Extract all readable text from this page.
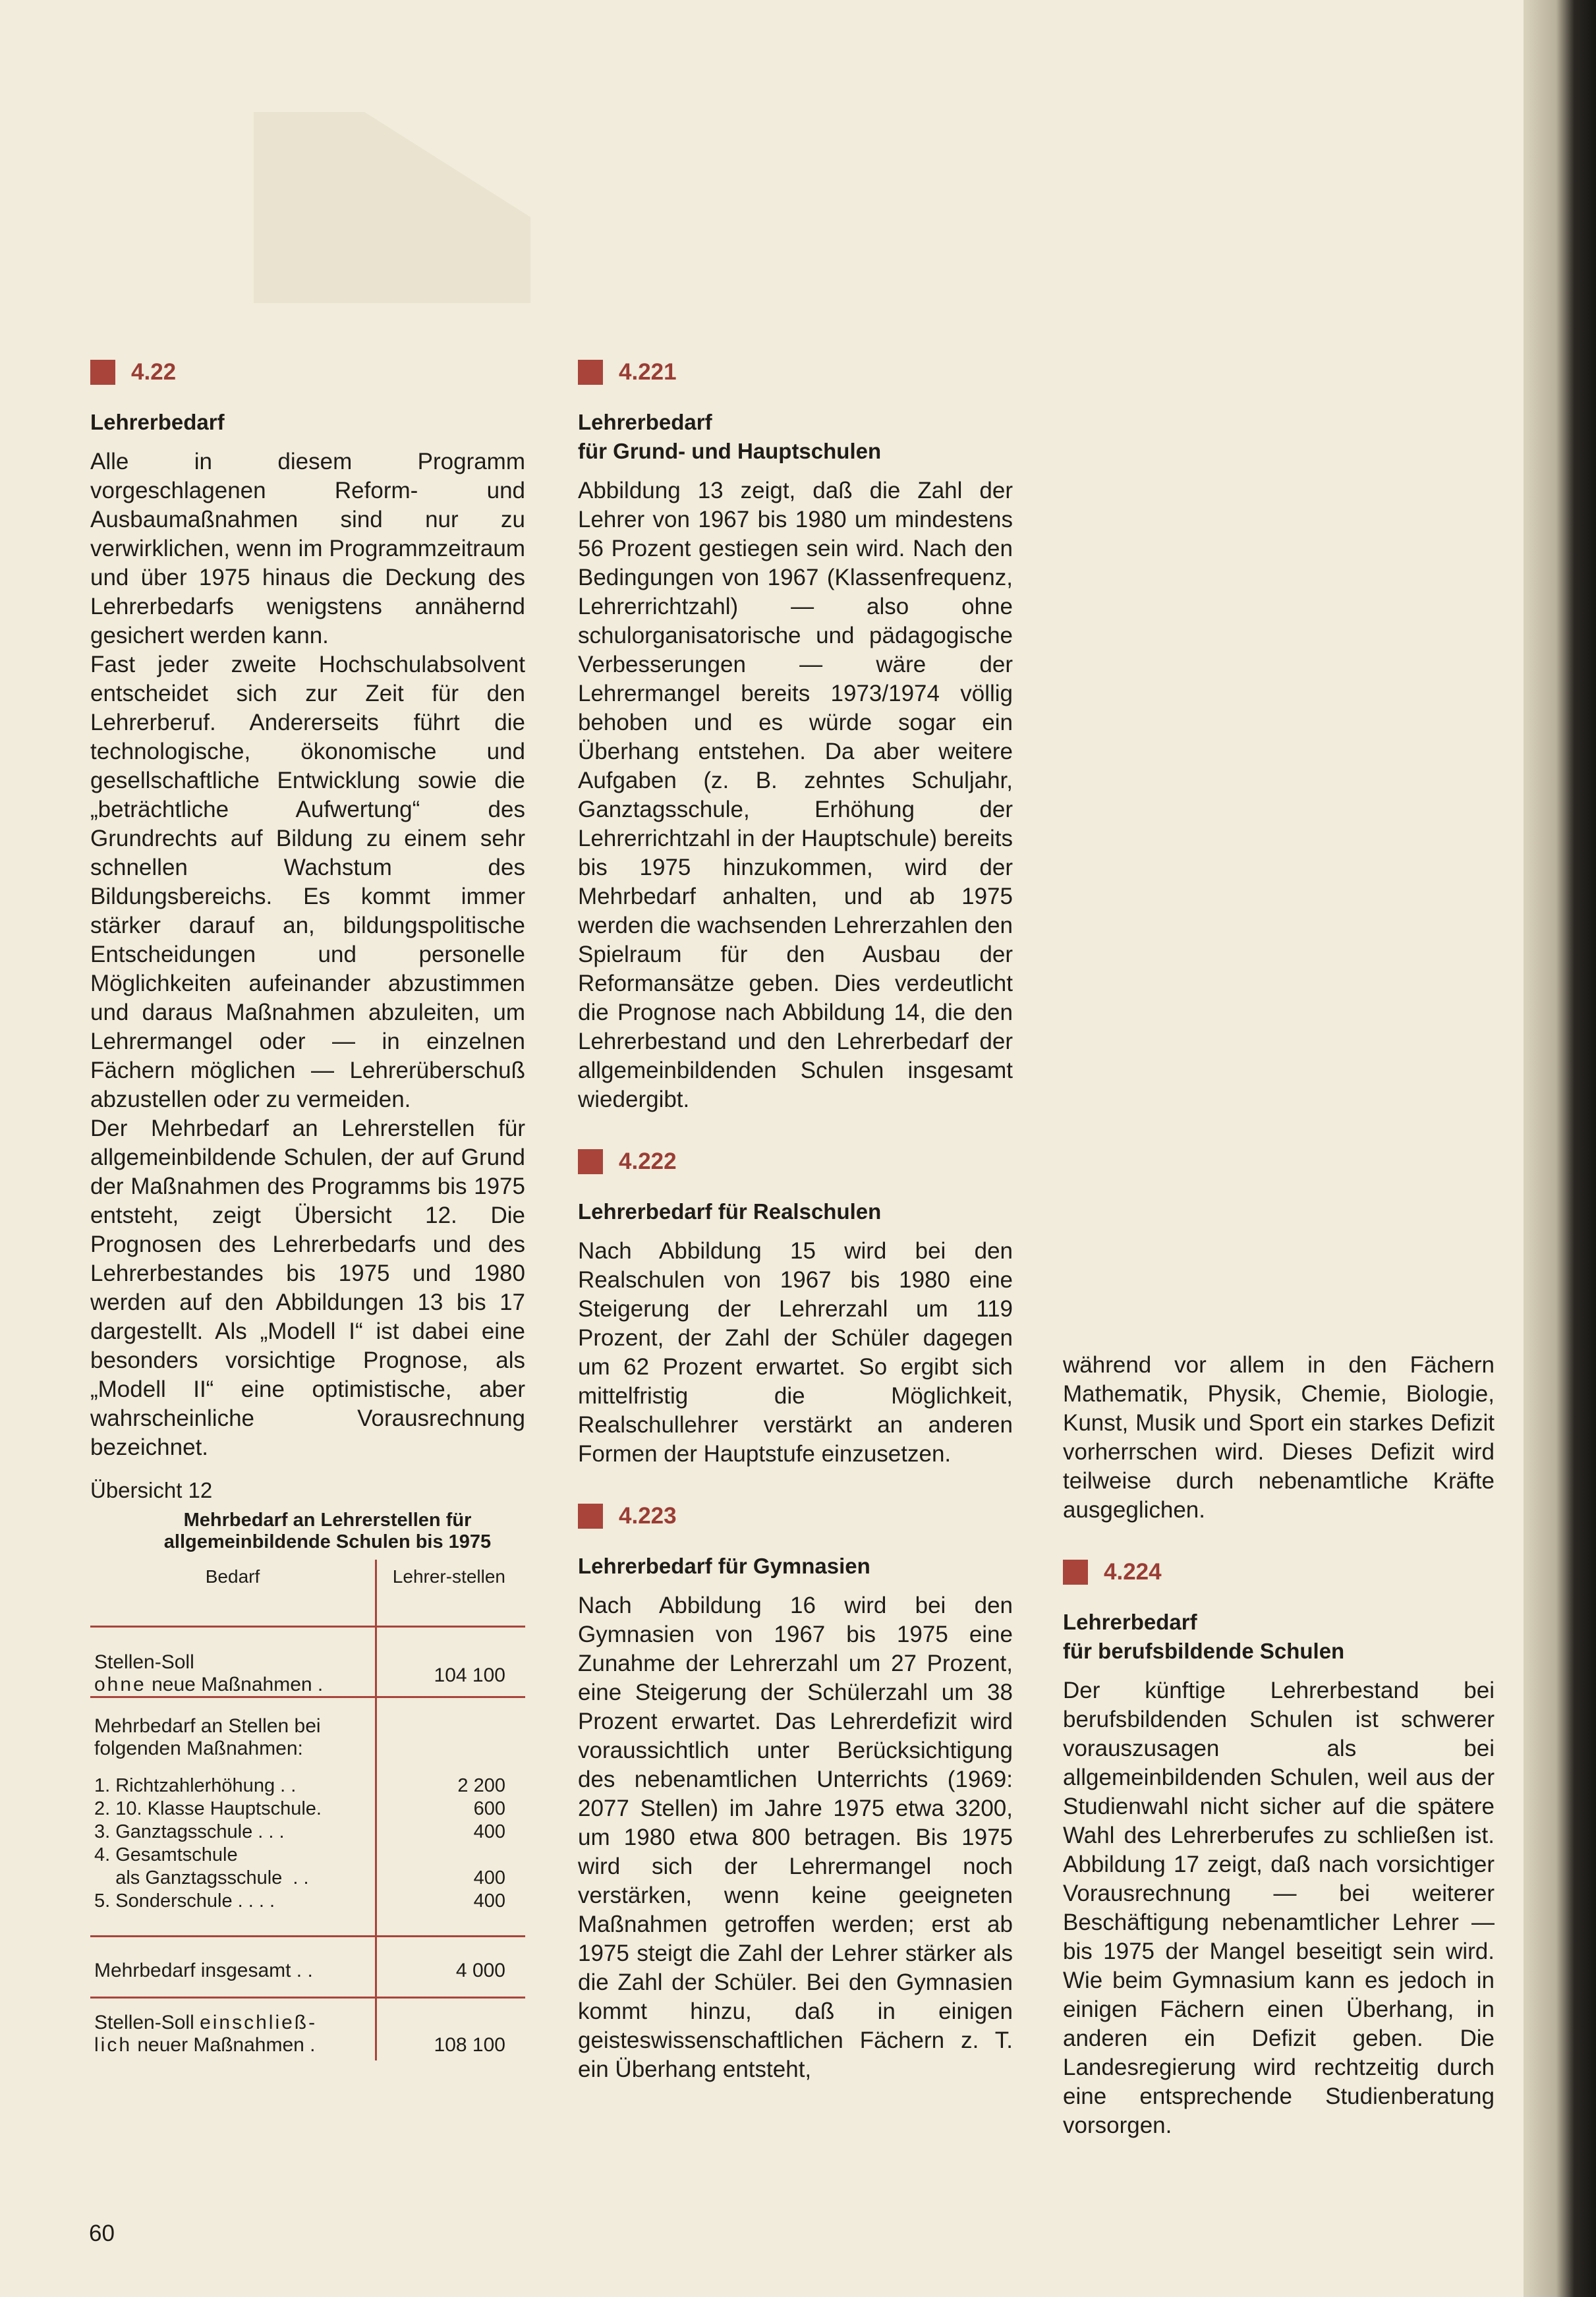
4.22
Lehrerbedarf

Alle in diesem Programm vorgeschlagenen Reform- und Ausbaumaßnahmen sind nur zu verwirklichen, wenn im Programmzeitraum und über 1975 hinaus die Deckung des Lehrerbedarfs wenigstens annähernd gesichert werden kann.

Fast jeder zweite Hochschulabsolvent entscheidet sich zur Zeit für den Lehrerberuf. Andererseits führt die technologische, ökonomische und gesellschaftliche Entwicklung sowie die „beträchtliche Aufwertung“ des Grundrechts auf Bildung zu einem sehr schnellen Wachstum des Bildungsbereichs. Es kommt immer stärker darauf an, bildungspolitische Entscheidungen und personelle Möglichkeiten aufeinander abzustimmen und daraus Maßnahmen abzuleiten, um Lehrermangel oder — in einzelnen Fächern möglichen — Lehrerüberschuß abzustellen oder zu vermeiden.

Der Mehrbedarf an Lehrerstellen für allgemeinbildende Schulen, der auf Grund der Maßnahmen des Programms bis 1975 entsteht, zeigt Übersicht 12. Die Prognosen des Lehrerbedarfs und des Lehrerbestandes bis 1975 und 1980 werden auf den Abbildungen 13 bis 17 dargestellt. Als „Modell I“ ist dabei eine besonders vorsichtige Prognose, als „Modell II“ eine optimistische, aber wahrscheinliche Vorausrechnung bezeichnet.

Übersicht 12
Mehrbedarf an Lehrerstellen für allgemeinbildende Schulen bis 1975
Bedarf	Lehrer-stellen

Stellen-Soll
ohne neue Maßnahmen .	104 100

Mehrbedarf an Stellen bei
folgenden Maßnahmen:	

1. Richtzahlerhöhung . .	2 200
2. 10. Klasse Hauptschule.	600
3. Ganztagsschule . . .	400
4. Gesamtschule	
als Ganztagsschule  . .	400
5. Sonderschule . . . .	400
Mehrbedarf insgesamt . .	4 000

Stellen-Soll einschließ-
lich neuer Maßnahmen .	108 100
4.221
Lehrerbedarf
für Grund- und Hauptschulen

Abbildung 13 zeigt, daß die Zahl der Lehrer von 1967 bis 1980 um mindestens 56 Prozent gestiegen sein wird. Nach den Bedingungen von 1967 (Klassenfrequenz, Lehrerrichtzahl) — also ohne schulorganisatorische und pädagogische Verbesserungen — wäre der Lehrermangel bereits 1973/1974 völlig behoben und es würde sogar ein Überhang entstehen. Da aber weitere Aufgaben (z. B. zehntes Schuljahr, Ganztagsschule, Erhöhung der Lehrerrichtzahl in der Hauptschule) bereits bis 1975 hinzukommen, wird der Mehrbedarf anhalten, und ab 1975 werden die wachsenden Lehrerzahlen den Spielraum für den Ausbau der Reformansätze geben. Dies verdeutlicht die Prognose nach Abbildung 14, die den Lehrerbestand und den Lehrerbedarf der allgemeinbildenden Schulen insgesamt wiedergibt.

4.222
Lehrerbedarf für Realschulen

Nach Abbildung 15 wird bei den Realschulen von 1967 bis 1980 eine Steigerung der Lehrerzahl um 119 Prozent, der Zahl der Schüler dagegen um 62 Prozent erwartet. So ergibt sich mittelfristig die Möglichkeit, Realschullehrer verstärkt an anderen Formen der Hauptstufe einzusetzen.

4.223
Lehrerbedarf für Gymnasien

Nach Abbildung 16 wird bei den Gymnasien von 1967 bis 1975 eine Zunahme der Lehrerzahl um 27 Prozent, eine Steigerung der Schülerzahl um 38 Prozent erwartet. Das Lehrerdefizit wird voraussichtlich unter Berücksichtigung des nebenamtlichen Unterrichts (1969: 2077 Stellen) im Jahre 1975 etwa 3200, um 1980 etwa 800 betragen. Bis 1975 wird sich der Lehrermangel noch verstärken, wenn keine geeigneten Maßnahmen getroffen werden; erst ab 1975 steigt die Zahl der Lehrer stärker als die Zahl der Schüler. Bei den Gymnasien kommt hinzu, daß in einigen geisteswissenschaftlichen Fächern z. T. ein Überhang entsteht,

während vor allem in den Fächern Mathematik, Physik, Chemie, Biologie, Kunst, Musik und Sport ein starkes Defizit vorherrschen wird. Dieses Defizit wird teilweise durch nebenamtliche Kräfte ausgeglichen.

4.224
Lehrerbedarf
für berufsbildende Schulen

Der künftige Lehrerbestand bei berufsbildenden Schulen ist schwerer vorauszusagen als bei allgemeinbildenden Schulen, weil aus der Studienwahl nicht sicher auf die spätere Wahl des Lehrerberufes zu schließen ist. Abbildung 17 zeigt, daß nach vorsichtiger Vorausrechnung — bei weiterer Beschäftigung nebenamtlicher Lehrer — bis 1975 der Mangel beseitigt sein wird. Wie beim Gymnasium kann es jedoch in einigen Fächern einen Überhang, in anderen ein Defizit geben. Die Landesregierung wird rechtzeitig durch eine entsprechende Studienberatung vorsorgen.

60
